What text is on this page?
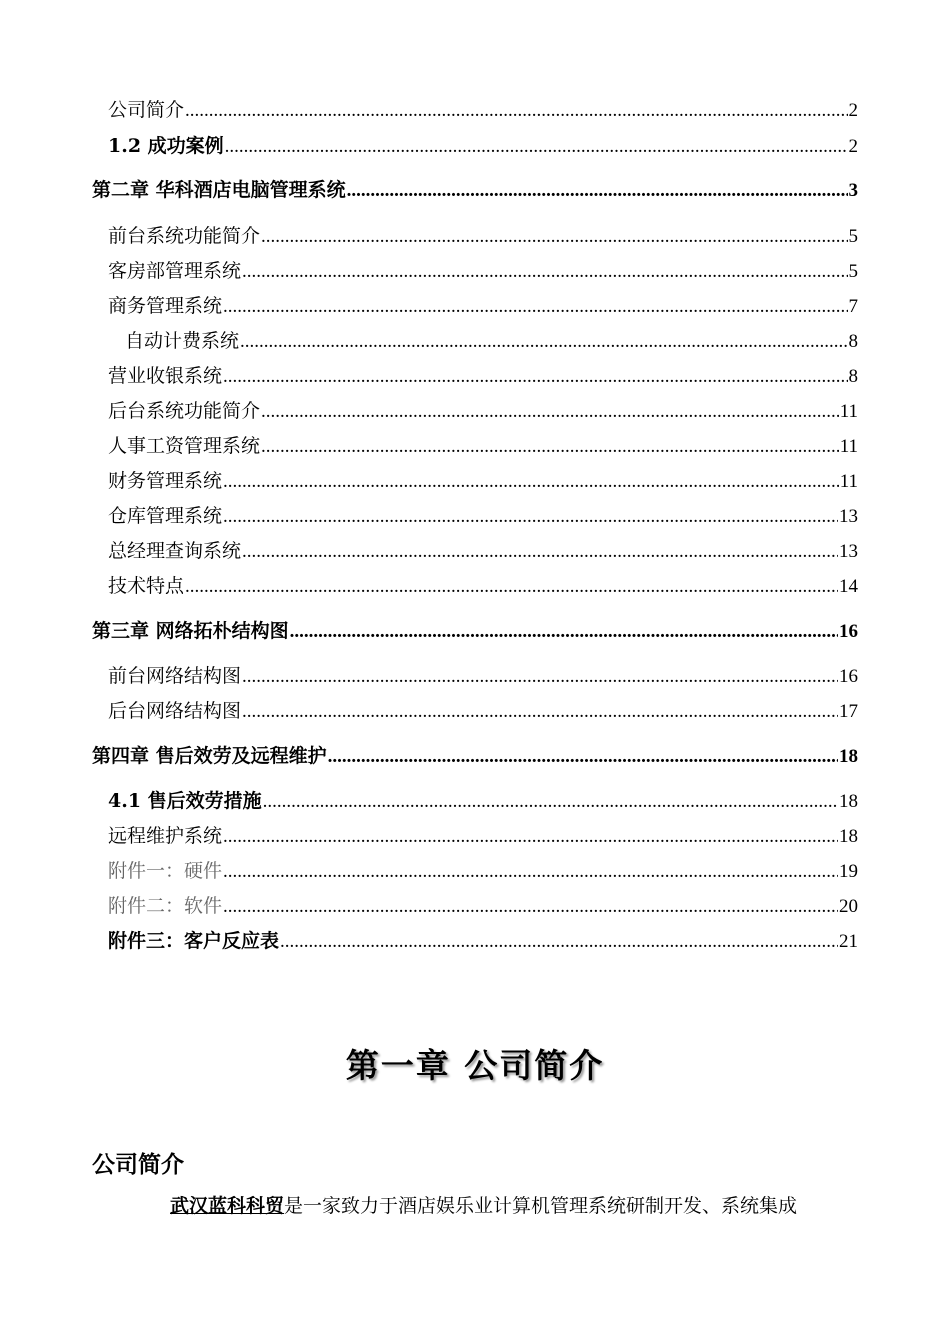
公司简介 .....	2
1.2 成功案例 .....	2
第二章 华科酒店电脑管理系统 .....	3
前台系统功能简介 .....	5
客房部管理系统 .....	5
商务管理系统 .....	7
自动计费系统 .....	8
营业收银系统 .....	8
后台系统功能简介 .....	11
人事工资管理系统 .....	11
财务管理系统 .....	11
仓库管理系统 .....	13
总经理查询系统 .....	13
技术特点 .....	14
第三章 网络拓朴结构图 .....	16
前台网络结构图 .....	16
后台网络结构图 .....	17
第四章 售后效劳及远程维护 .....	18
4.1 售后效劳措施 .....	18
远程维护系统 .....	18
附件一：硬件 .....	19
附件二：软件 .....	20
附件三：客户反应表 .....	21
第一章 公司简介
公司简介
武汉蓝科科贸是一家致力于酒店娱乐业计算机管理系统研制开发、系统集成
